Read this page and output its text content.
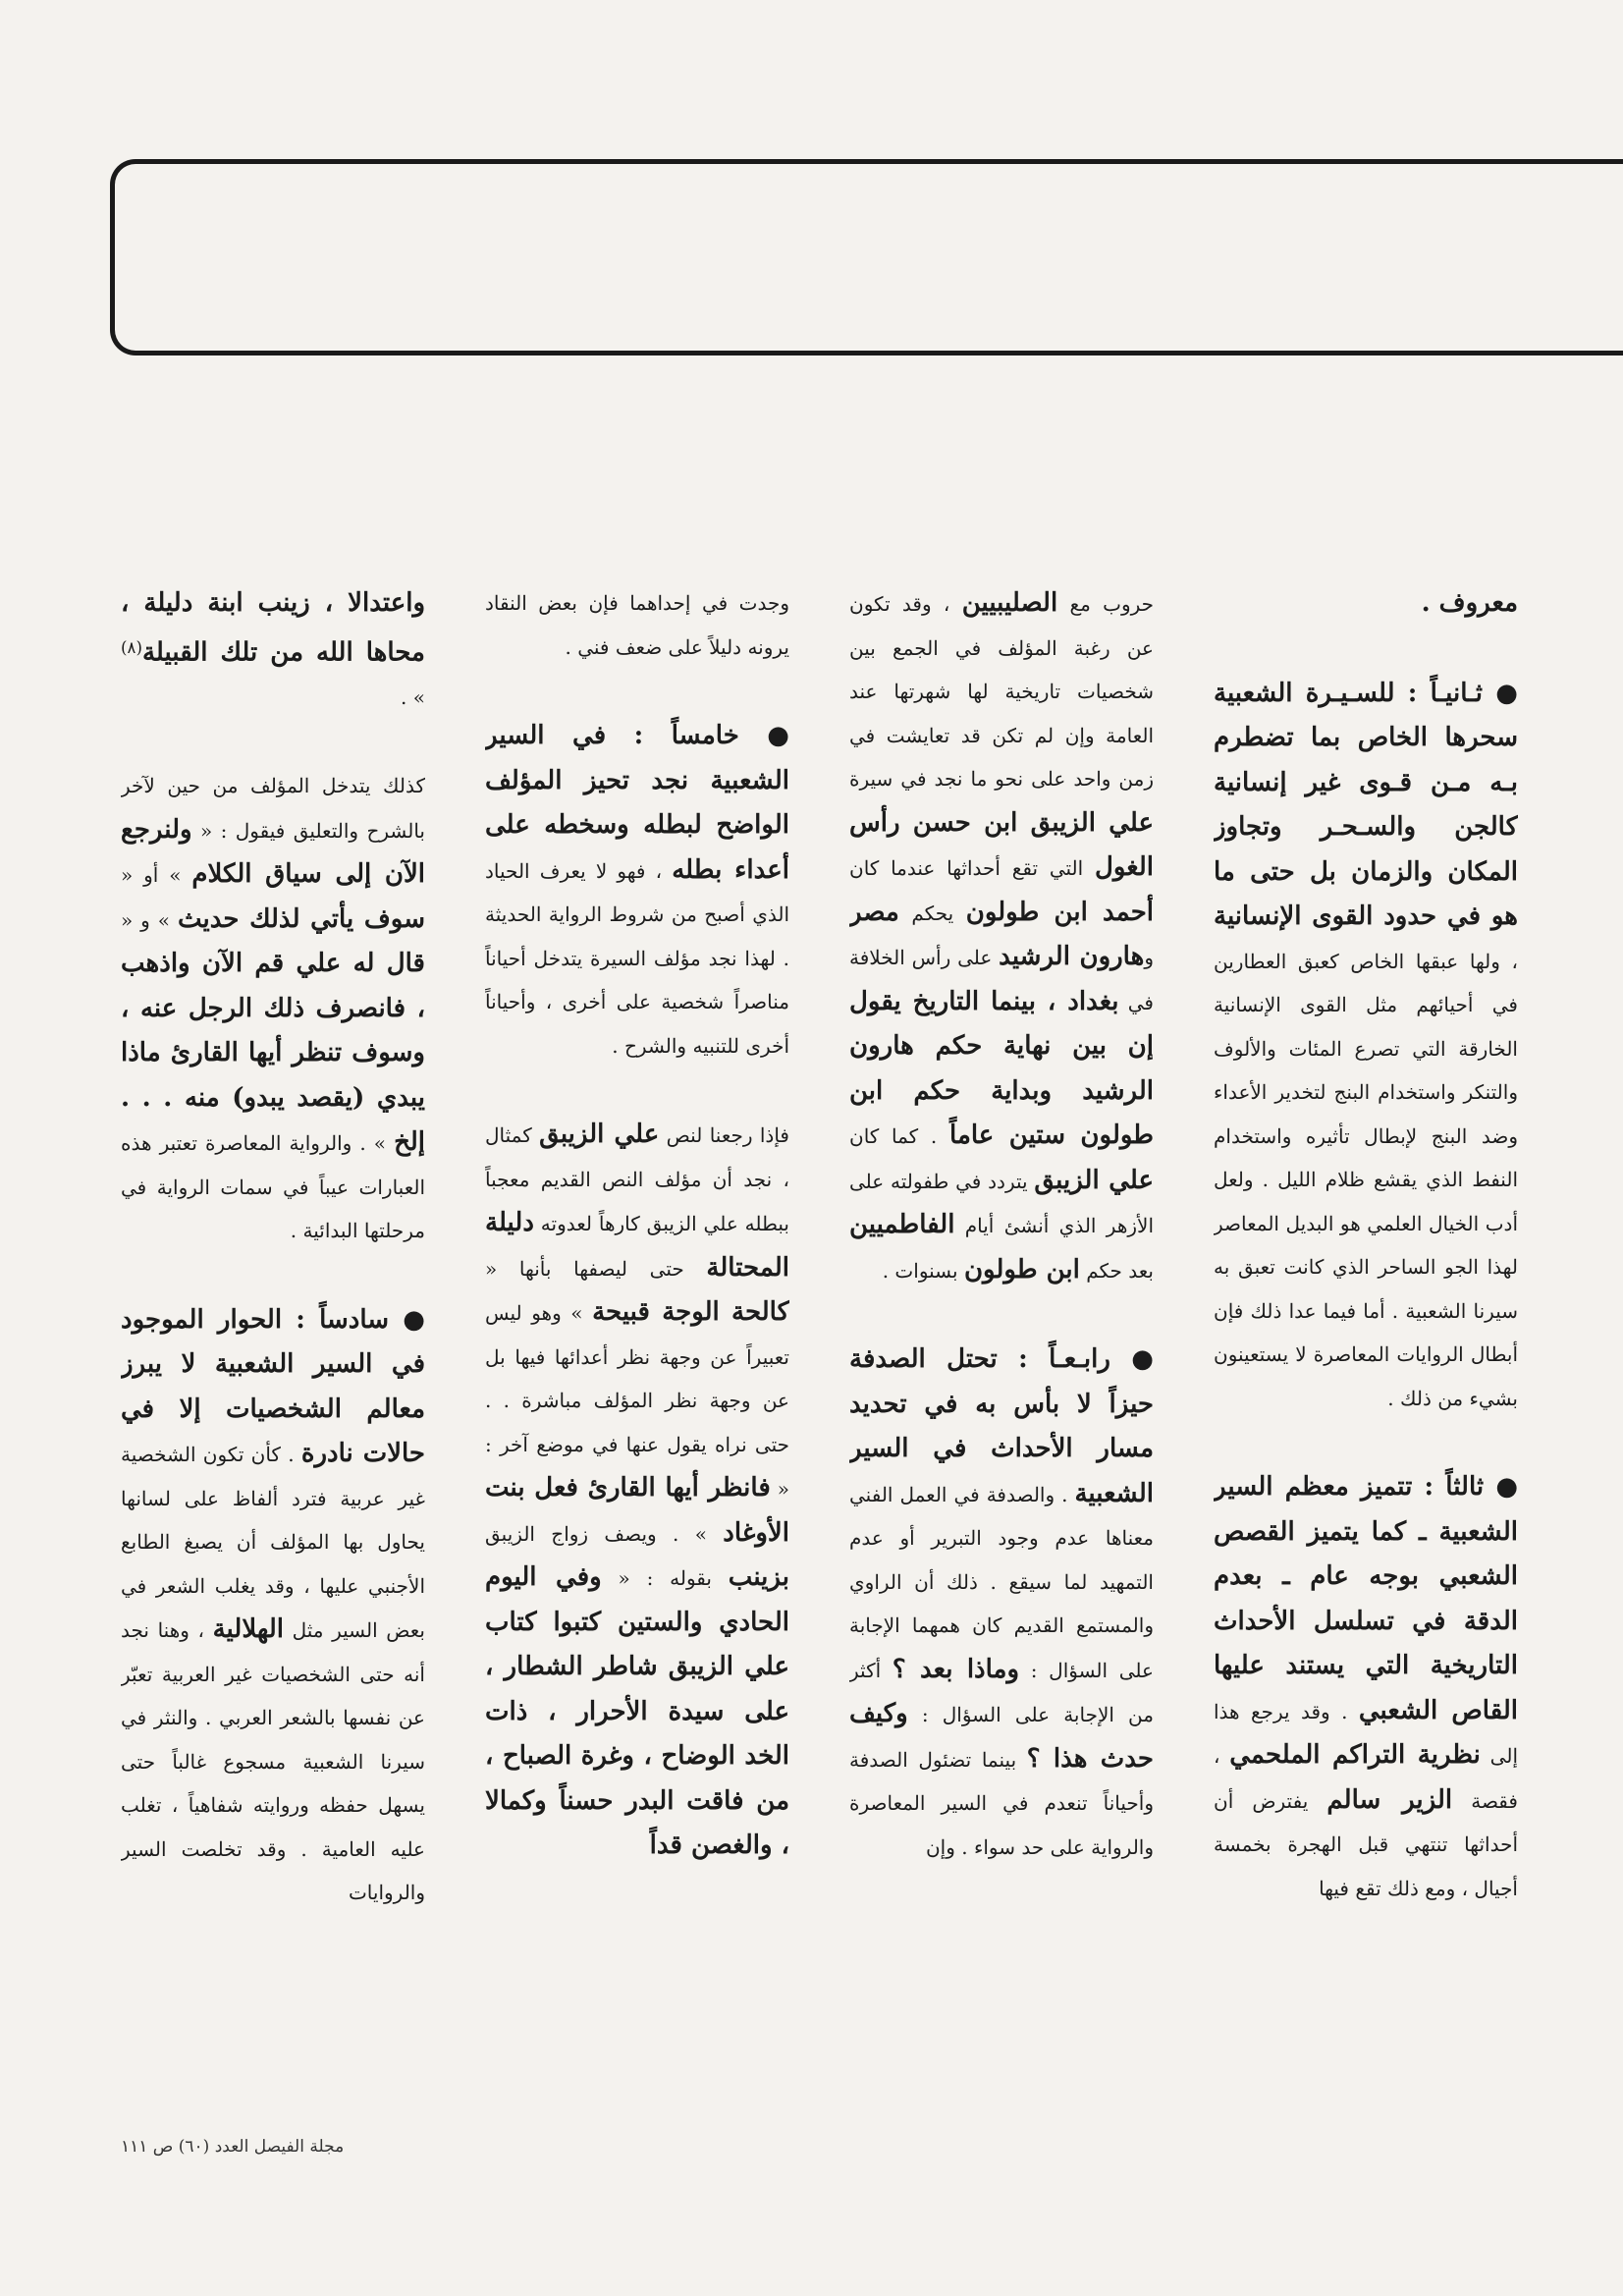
معروف .

● ثـانيـاً : للسـيـرة الشعبية سحرها الخاص بما تضطرم بـه مـن قـوى غير إنسانية كالجن والسـحـر وتجاوز المكان والزمان بل حتى ما هو في حدود القوى الإنسانية ، ولها عبقها الخاص كعبق العطارين في أحيائهم مثل القوى الإنسانية الخارقة التي تصرع المئات والألوف والتنكر واستخدام البنج لتخدير الأعداء وضد البنج لإبطال تأثيره واستخدام النفط الذي يقشع ظلام الليل . ولعل أدب الخيال العلمي هو البديل المعاصر لهذا الجو الساحر الذي كانت تعبق به سيرنا الشعبية . أما فيما عدا ذلك فإن أبطال الروايات المعاصرة لا يستعينون بشيء من ذلك .

● ثالثاً : تتميز معظم السير الشعبية ـ كما يتميز القصص الشعبي بوجه عام ـ بعدم الدقة في تسلسل الأحداث التاريخية التي يستند عليها القاص الشعبي . وقد يرجع هذا إلى نظرية التراكم الملحمي ، فقصة الزير سالم يفترض أن أحداثها تنتهي قبل الهجرة بخمسة أجيال ، ومع ذلك تقع فيها

حروب مع الصليبيين ، وقد تكون عن رغبة المؤلف في الجمع بين شخصيات تاريخية لها شهرتها عند العامة وإن لم تكن قد تعايشت في زمن واحد على نحو ما نجد في سيرة علي الزيبق ابن حسن رأس الغول التي تقع أحداثها عندما كان أحمد ابن طولون يحكم مصر وهارون الرشيد على رأس الخلافة في بغداد ، بينما التاريخ يقول إن بين نهاية حكم هارون الرشيد وبداية حكم ابن طولون ستين عاماً . كما كان علي الزيبق يتردد في طفولته على الأزهر الذي أنشئ أيام الفاطميين بعد حكم ابن طولون بسنوات .

● رابـعـاً : تحتل الصدفة حيزاً لا بأس به في تحديد مسار الأحداث في السير الشعبية . والصدفة في العمل الفني معناها عدم وجود التبرير أو عدم التمهيد لما سيقع . ذلك أن الراوي والمستمع القديم كان همهما الإجابة على السؤال : وماذا بعد ؟ أكثر من الإجابة على السؤال : وكيف حدث هذا ؟ بينما تضئول الصدفة وأحياناً تنعدم في السير المعاصرة والرواية على حد سواء . وإن

وجدت في إحداهما فإن بعض النقاد يرونه دليلاً على ضعف فني .

● خامساً : في السير الشعبية نجد تحيز المؤلف الواضح لبطله وسخطه على أعداء بطله ، فهو لا يعرف الحياد الذي أصبح من شروط الرواية الحديثة . لهذا نجد مؤلف السيرة يتدخل أحياناً مناصراً شخصية على أخرى ، وأحياناً أخرى للتنبيه والشرح .

فإذا رجعنا لنص علي الزيبق كمثال ، نجد أن مؤلف النص القديم معجباً ببطله علي الزيبق كارهاً لعدوته دليلة المحتالة حتى ليصفها بأنها « كالحة الوجة قبيحة » وهو ليس تعبيراً عن وجهة نظر أعدائها فيها بل عن وجهة نظر المؤلف مباشرة . . حتى نراه يقول عنها في موضع آخر : « فانظر أيها القارئ فعل بنت الأوغاد » . ويصف زواج الزيبق بزينب بقوله : « وفي اليوم الحادي والستين كتبوا كتاب علي الزيبق شاطر الشطار ، على سيدة الأحرار ، ذات الخد الوضاح ، وغرة الصباح ، من فاقت البدر حسناً وكمالا ، والغصن قداً

واعتدالا ، زينب ابنة دليلة ، محاها الله من تلك القبيلة$^{(٨)}$ » .

كذلك يتدخل المؤلف من حين لآخر بالشرح والتعليق فيقول : « ولنرجع الآن إلى سياق الكلام » أو « سوف يأتي لذلك حديث » و « قال له علي قم الآن واذهب ، فانصرف ذلك الرجل عنه ، وسوف تنظر أيها القارئ ماذا يبدي (يقصد يبدو) منه . . . إلخ » . والرواية المعاصرة تعتبر هذه العبارات عيباً في سمات الرواية في مرحلتها البدائية .

● سادساً : الحوار الموجود في السير الشعبية لا يبرز معالم الشخصيات إلا في حالات نادرة . كأن تكون الشخصية غير عربية فترد ألفاظ على لسانها يحاول بها المؤلف أن يصبغ الطابع الأجنبي عليها ، وقد يغلب الشعر في بعض السير مثل الهلالية ، وهنا نجد أنه حتى الشخصيات غير العربية تعبّر عن نفسها بالشعر العربي . والنثر في سيرنا الشعبية مسجوع غالباً حتى يسهل حفظه وروايته شفاهياً ، تغلب عليه العامية . وقد تخلصت السير والروايات

مجلة الفيصل العدد (٦٠) ص ١١١
